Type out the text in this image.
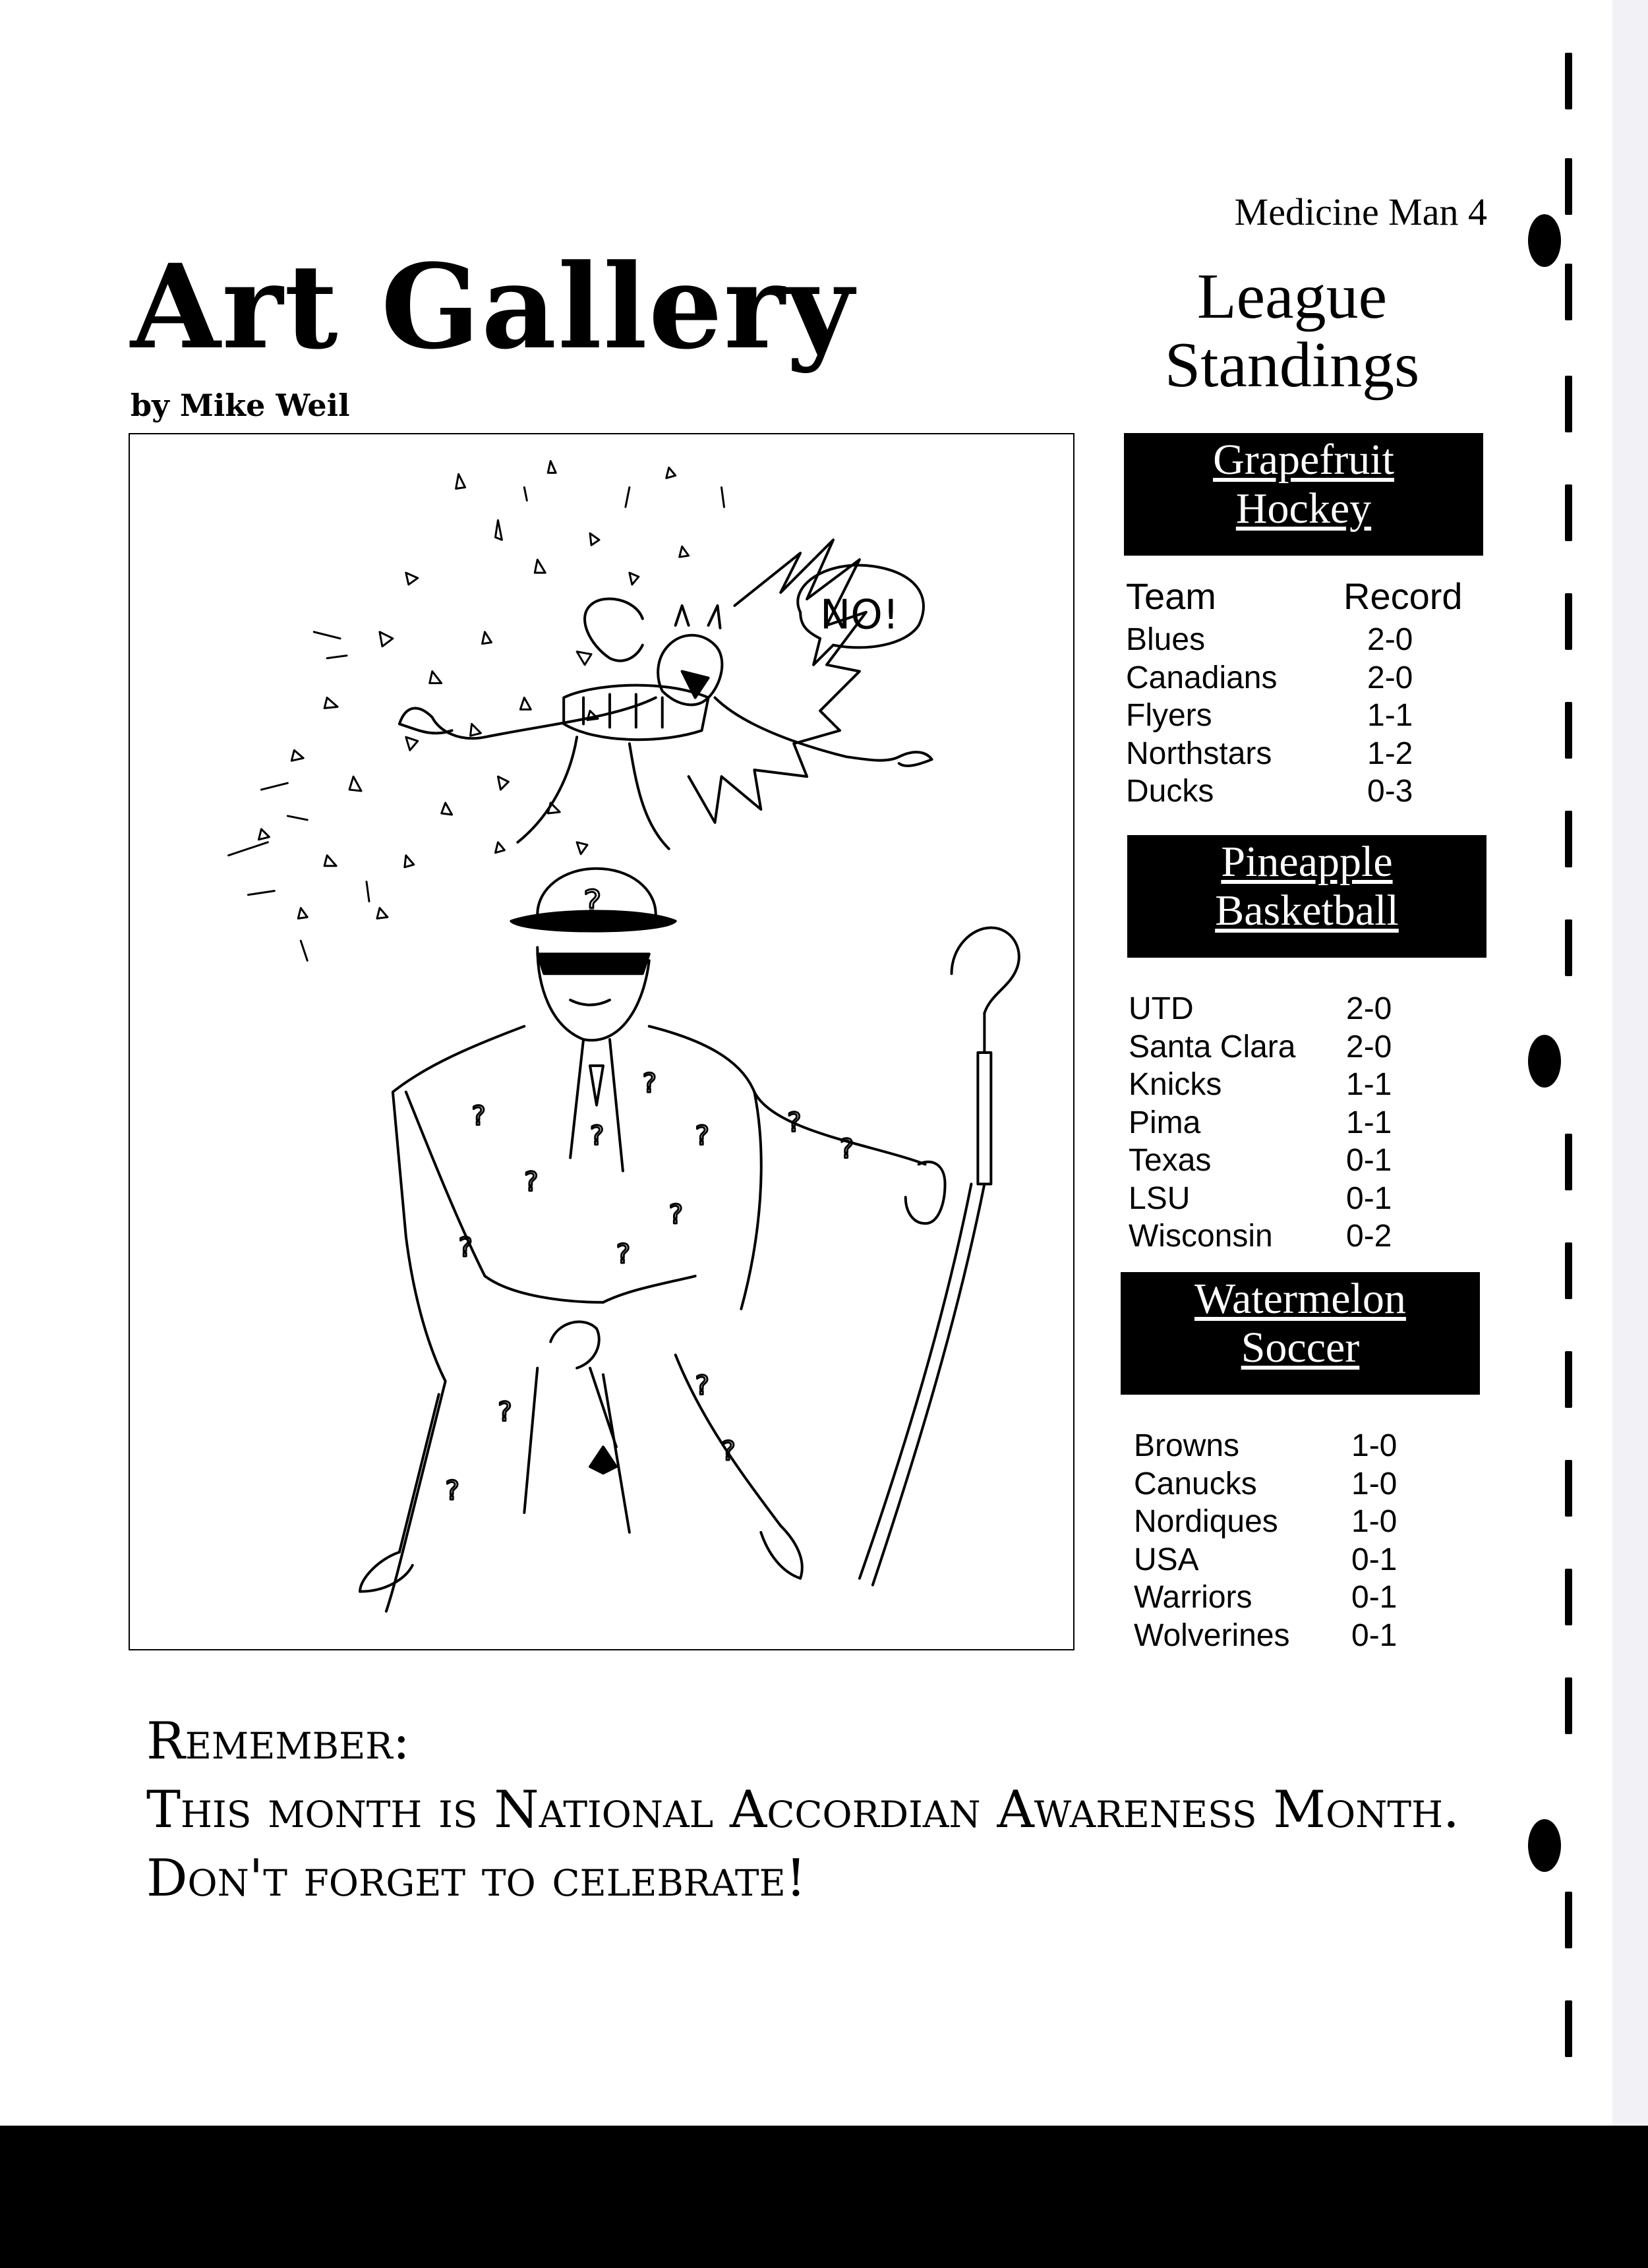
Medicine Man 4
Art Gallery
by Mike Weil
NO!
?
?
?
?
?
?
?
?
?
?
?
?
?
?
?
League
Standings
Grapefruit
Hockey
Team	Record
Blues	2-0
Canadians	2-0
Flyers	1-1
Northstars	1-2
Ducks	0-3
Pineapple
Basketball
UTD	2-0
Santa Clara	2-0
Knicks	1-1
Pima	1-1
Texas	0-1
LSU	0-1
Wisconsin	0-2
Watermelon
Soccer
Browns	1-0
Canucks	1-0
Nordiques	1-0
USA	0-1
Warriors	0-1
Wolverines	0-1
Remember:
This month is National Accordian Awareness Month.
Don't forget to celebrate!
